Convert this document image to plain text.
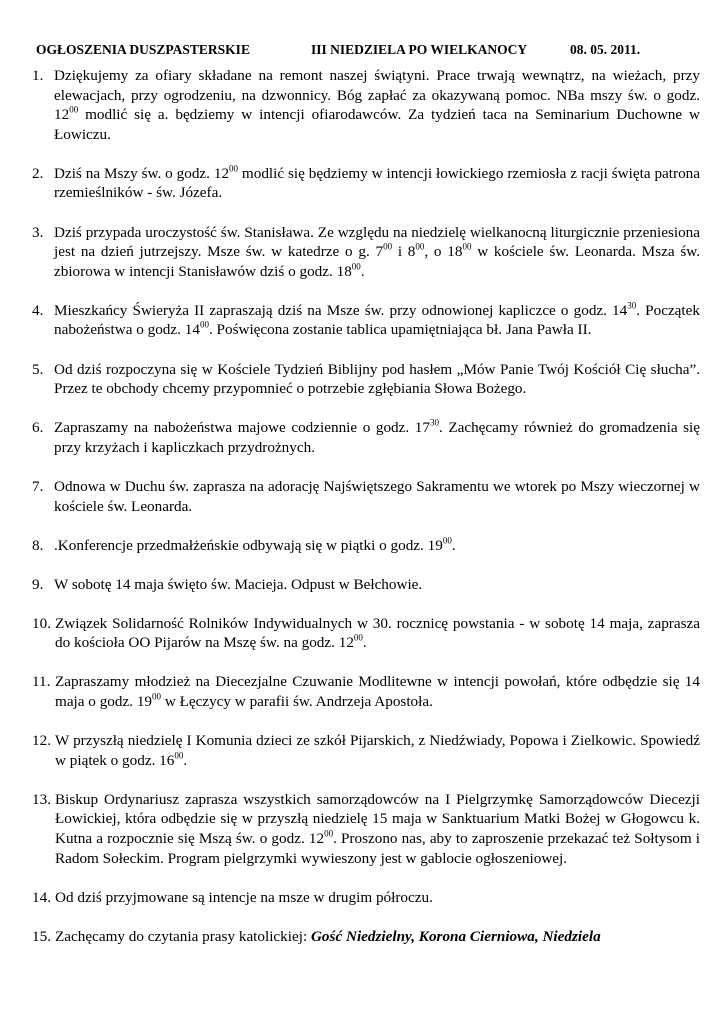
OGŁOSZENIA DUSZPASTERSKIE	III NIEDZIELA PO WIELKANOCY	08. 05. 2011.
1. Dziękujemy za ofiary składane na remont naszej świątyni. Prace trwają wewnątrz, na wieżach, przy elewacjach, przy ogrodzeniu, na dzwonnicy. Bóg zapłać za okazywaną pomoc. NBa mszy św. o godz. $12^{00}$ modlić się a. będziemy w intencji ofiarodawców. Za tydzień taca na Seminarium Duchowne w Łowiczu.
2. Dziś na Mszy św. o godz. $12^{00}$ modlić się będziemy w intencji łowickiego rzemiosła z racji święta patrona rzemieślników - św. Józefa.
3. Dziś przypada uroczystość św. Stanisława. Ze względu na niedzielę wielkanocną liturgicznie przeniesiona jest na dzień jutrzejszy. Msze św. w katedrze o g. $7^{00}$ i $8^{00}$, o $18^{00}$ w kościele św. Leonarda. Msza św. zbiorowa w intencji Stanisławów dziś o godz. $18^{00}$.
4. Mieszkańcy Świeryża II zapraszają dziś na Msze św. przy odnowionej kapliczce o godz. $14^{30}$. Początek nabożeństwa o godz. $14^{00}$. Poświęcona zostanie tablica upamiętniająca bł. Jana Pawła II.
5. Od dziś rozpoczyna się w Kościele Tydzień Biblijny pod hasłem „Mów Panie Twój Kościół Cię słucha”. Przez te obchody chcemy przypomnieć o potrzebie zgłębiania Słowa Bożego.
6. Zapraszamy na nabożeństwa majowe codziennie o godz. $17^{30}$. Zachęcamy również do gromadzenia się przy krzyżach i kapliczkach przydrożnych.
7. Odnowa w Duchu św. zaprasza na adorację Najświętszego Sakramentu we wtorek po Mszy wieczornej w kościele św. Leonarda.
8. .Konferencje przedmałżeńskie odbywają się w piątki o godz. $19^{00}$.
9. W sobotę 14 maja święto św. Macieja. Odpust w Bełchowie.
10. Związek Solidarność Rolników Indywidualnych w 30. rocznicę powstania - w sobotę 14 maja, zaprasza do kościoła OO Pijarów na Mszę św. na godz. $12^{00}$.
11. Zapraszamy młodzież na Diecezjalne Czuwanie Modlitewne w intencji powołań, które odbędzie się 14 maja o godz. $19^{00}$ w Łęczycy w parafii św. Andrzeja Apostoła.
12. W przyszłą niedzielę I Komunia dzieci ze szkół Pijarskich, z Niedźwiady, Popowa i Zielkowic. Spowiedź w piątek o godz. $16^{00}$.
13. Biskup Ordynariusz zaprasza wszystkich samorządowców na I Pielgrzymkę Samorządowców Diecezji Łowickiej, która odbędzie się w przyszłą niedzielę 15 maja w Sanktuarium Matki Bożej w Głogowcu k. Kutna a rozpocznie się Mszą św. o godz. $12^{00}$. Proszono nas, aby to zaproszenie przekazać też Sołtysom i Radom Sołeckim. Program pielgrzymki wywieszony jest w gablocie ogłoszeniowej.
14. Od dziś przyjmowane są intencje na msze w drugim półroczu.
15. Zachęcamy do czytania prasy katolickiej: Gość Niedzielny, Korona Cierniowa, Niedziela
